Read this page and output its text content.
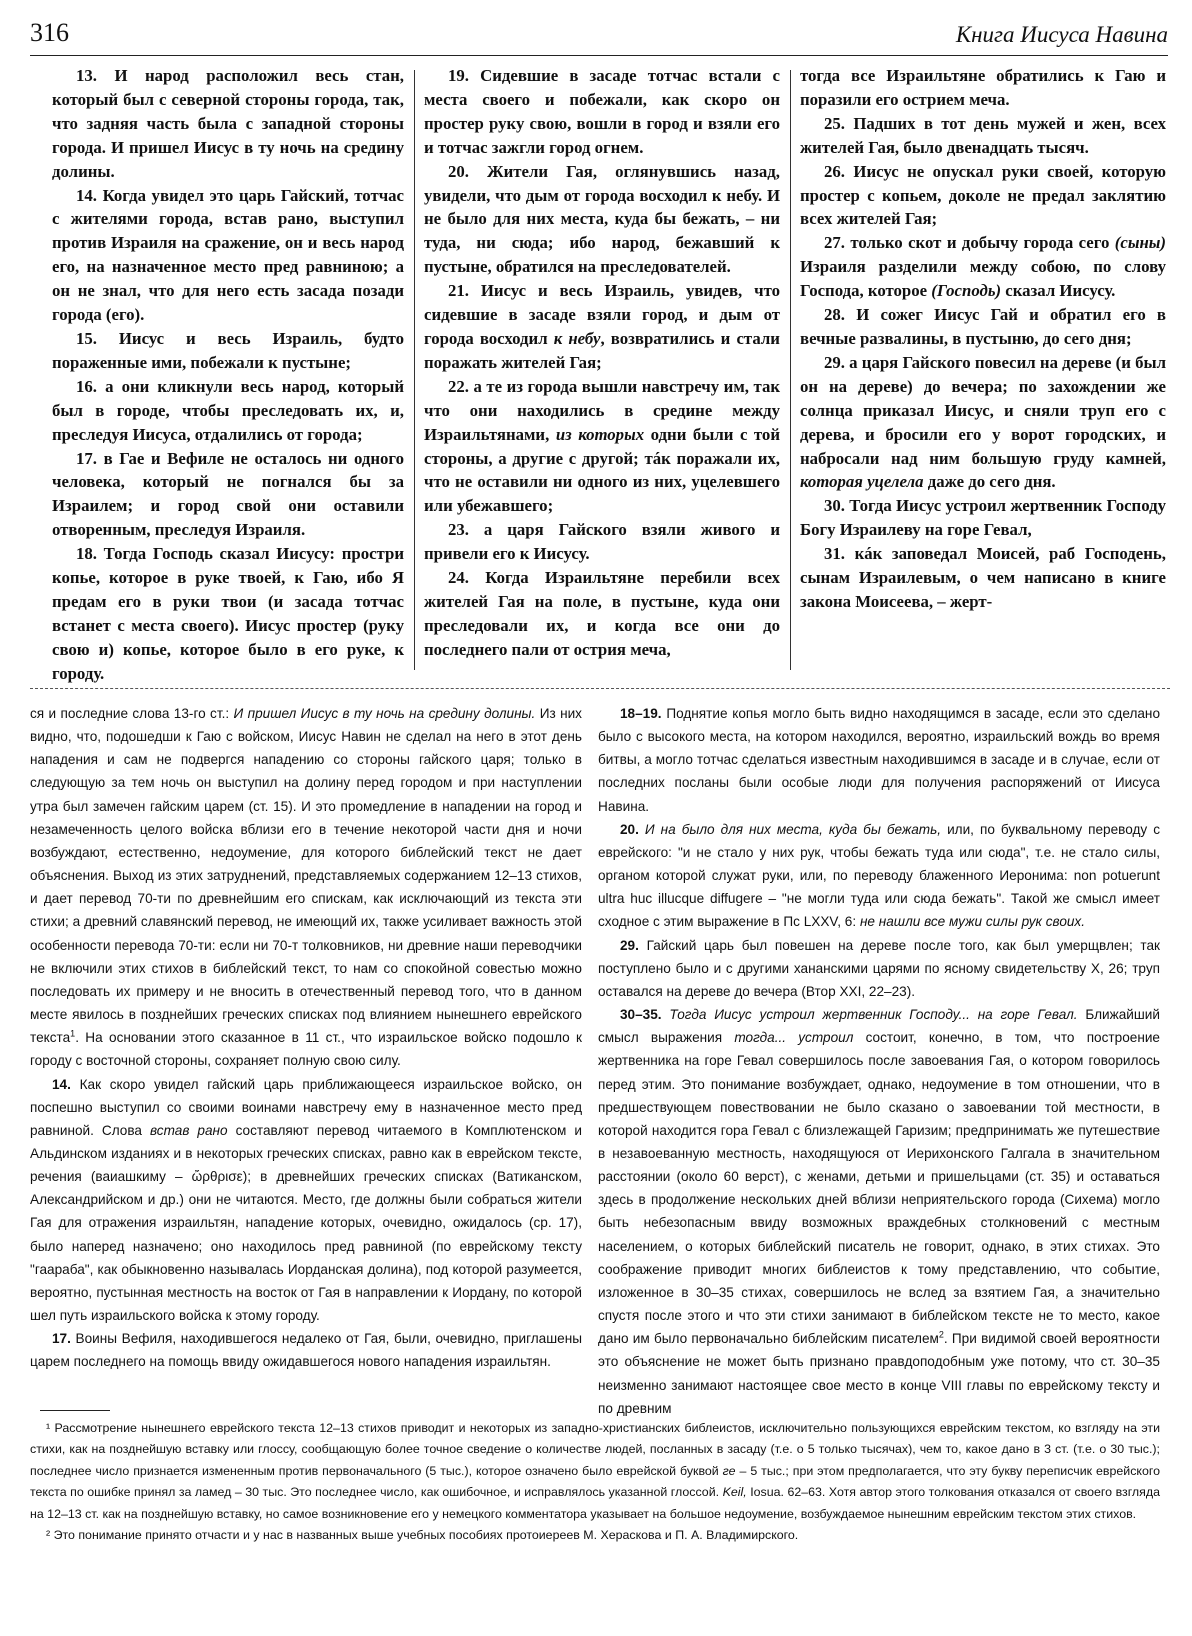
316	Книга Иисуса Навина

13. И народ расположил весь стан, который был с северной стороны города, так, что задняя часть была с западной стороны города. И пришел Иисус в ту ночь на средину долины.

14. Когда увидел это царь Гайский, тотчас с жителями города, встав рано, выступил против Израиля на сражение, он и весь народ его, на назначенное место пред равниною; а он не знал, что для него есть засада позади города (его).

15. Иисус и весь Израиль, будто пораженные ими, побежали к пустыне;

16. а они кликнули весь народ, который был в городе, чтобы преследовать их, и, преследуя Иисуса, отдалились от города;

17. в Гае и Вефиле не осталось ни одного человека, который не погнался бы за Израилем; и город свой они оставили отворенным, преследуя Израиля.

18. Тогда Господь сказал Иисусу: простри копье, которое в руке твоей, к Гаю, ибо Я предам его в руки твои (и засада тотчас встанет с места своего). Иисус простер (руку свою и) копье, которое было в его руке, к городу.

19. Сидевшие в засаде тотчас встали с места своего и побежали, как скоро он простер руку свою, вошли в город и взяли его и тотчас зажгли город огнем.

20. Жители Гая, оглянувшись назад, увидели, что дым от города восходил к небу. И не было для них места, куда бы бежать, – ни туда, ни сюда; ибо народ, бежавший к пустыне, обратился на преследователей.

21. Иисус и весь Израиль, увидев, что сидевшие в засаде взяли город, и дым от города восходил к небу, возвратились и стали поражать жителей Гая;

22. а те из города вышли навстречу им, так что они находились в средине между Израильтянами, из которых одни были с той стороны, а другие с другой; тáк поражали их, что не оставили ни одного из них, уцелевшего или убежавшего;

23. а царя Гайского взяли живого и привели его к Иисусу.

24. Когда Израильтяне перебили всех жителей Гая на поле, в пустыне, куда они преследовали их, и когда все они до последнего пали от острия меча,

тогда все Израильтяне обратились к Гаю и поразили его острием меча.

25. Падших в тот день мужей и жен, всех жителей Гая, было двенадцать тысяч.

26. Иисус не опускал руки своей, которую простер с копьем, доколе не предал заклятию всех жителей Гая;

27. только скот и добычу города сего (сыны) Израиля разделили между собою, по слову Господа, которое (Господь) сказал Иисусу.

28. И сожег Иисус Гай и обратил его в вечные развалины, в пустыню, до сего дня;

29. а царя Гайского повесил на дереве (и был он на дереве) до вечера; по захождении же солнца приказал Иисус, и сняли труп его с дерева, и бросили его у ворот городских, и набросали над ним большую груду камней, которая уцелела даже до сего дня.

30. Тогда Иисус устроил жертвенник Господу Богу Израилеву на горе Гевал,

31. кáк заповедал Моисей, раб Господень, сынам Израилевым, о чем написано в книге закона Моисеева, – жерт-

ся и последние слова 13-го ст.: И пришел Иисус в ту ночь на средину долины. Из них видно, что, подошедши к Гаю с войском, Иисус Навин не сделал на него в этот день нападения и сам не подвергся нападению со стороны гайского царя; только в следующую за тем ночь он выступил на долину перед городом и при наступлении утра был замечен гайским царем (ст. 15). И это промедление в нападении на город и незамеченность целого войска вблизи его в течение некоторой части дня и ночи возбуждают, естественно, недоумение, для которого библейский текст не дает объяснения. Выход из этих затруднений, представляемых содержанием 12–13 стихов, и дает перевод 70-ти по древнейшим его спискам, как исключающий из текста эти стихи; а древний славянский перевод, не имеющий их, также усиливает важность этой особенности перевода 70-ти: если ни 70-т толковников, ни древние наши переводчики не включили этих стихов в библейский текст, то нам со спокойной совестью можно последовать их примеру и не вносить в отечественный перевод того, что в данном месте явилось в позднейших греческих списках под влиянием нынешнего еврейского текста$^1$. На основании этого сказанное в 11 ст., что израильское войско подошло к городу с восточной стороны, сохраняет полную свою силу.

14. Как скоро увидел гайский царь приближающееся израильское войско, он поспешно выступил со своими воинами навстречу ему в назначенное место пред равниной. Слова встав рано составляют перевод читаемого в Комплютенском и Альдинском изданиях и в некоторых греческих списках, равно как в еврейском тексте, речения (ваиашкиму – ὤρθρισε); в древнейших греческих списках (Ватиканском, Александрийском и др.) они не читаются. Место, где должны были собраться жители Гая для отражения израильтян, нападение которых, очевидно, ожидалось (ср. 17), было наперед назначено; оно находилось пред равниной (по еврейскому тексту "гаараба", как обыкновенно называлась Иорданская долина), под которой разумеется, вероятно, пустынная местность на восток от Гая в направлении к Иордану, по которой шел путь израильского войска к этому городу.

17. Воины Вефиля, находившегося недалеко от Гая, были, очевидно, приглашены царем последнего на помощь ввиду ожидавшегося нового нападения израильтян.

18–19. Поднятие копья могло быть видно находящимся в засаде, если это сделано было с высокого места, на котором находился, вероятно, израильский вождь во время битвы, а могло тотчас сделаться известным находившимся в засаде и в случае, если от последних посланы были особые люди для получения распоряжений от Иисуса Навина.

20. И на было для них места, куда бы бежать, или, по буквальному переводу с еврейского: "и не стало у них рук, чтобы бежать туда или сюда", т.е. не стало силы, органом которой служат руки, или, по переводу блаженного Иеронима: non potuerunt ultra huc illucque diffugere – "не могли туда или сюда бежать". Такой же смысл имеет сходное с этим выражение в Пс LXXV, 6: не нашли все мужи силы рук своих.

29. Гайский царь был повешен на дереве после того, как был умерщвлен; так поступлено было и с другими хананскими царями по ясному свидетельству Х, 26; труп оставался на дереве до вечера (Втор XXI, 22–23).

30–35. Тогда Иисус устроил жертвенник Господу... на горе Гевал. Ближайший смысл выражения тогда... устроил состоит, конечно, в том, что построение жертвенника на горе Гевал совершилось после завоевания Гая, о котором говорилось перед этим. Это понимание возбуждает, однако, недоумение в том отношении, что в предшествующем повествовании не было сказано о завоевании той местности, в которой находится гора Гевал с близлежащей Гаризим; предпринимать же путешествие в незавоеванную местность, находящуюся от Иерихонского Галгала в значительном расстоянии (около 60 верст), с женами, детьми и пришельцами (ст. 35) и оставаться здесь в продолжение нескольких дней вблизи неприятельского города (Сихема) могло быть небезопасным ввиду возможных враждебных столкновений с местным населением, о которых библейский писатель не говорит, однако, в этих стихах. Это соображение приводит многих библеистов к тому представлению, что событие, изложенное в 30–35 стихах, совершилось не вслед за взятием Гая, а значительно спустя после этого и что эти стихи занимают в библейском тексте не то место, какое дано им было первоначально библейским писателем$^2$. При видимой своей вероятности это объяснение не может быть признано правдоподобным уже потому, что ст. 30–35 неизменно занимают настоящее свое место в конце VIII главы по еврейскому тексту и по древним

¹ Рассмотрение нынешнего еврейского текста 12–13 стихов приводит и некоторых из западно-христианских библеистов, исключительно пользующихся еврейским текстом, ко взгляду на эти стихи, как на позднейшую вставку или глоссу, сообщающую более точное сведение о количестве людей, посланных в засаду (т.е. о 5 только тысячах), чем то, какое дано в 3 ст. (т.е. о 30 тыс.); последнее число признается измененным против первоначального (5 тыс.), которое означено было еврейской буквой ге – 5 тыс.; при этом предполагается, что эту букву переписчик еврейского текста по ошибке принял за ламед – 30 тыс. Это последнее число, как ошибочное, и исправлялось указанной глоссой. Keil, Iosua. 62–63. Хотя автор этого толкования отказался от своего взгляда на 12–13 ст. как на позднейшую вставку, но самое возникновение его у немецкого комментатора указывает на большое недоумение, возбуждаемое нынешним еврейским текстом этих стихов.

² Это понимание принято отчасти и у нас в названных выше учебных пособиях протоиереев М. Хераскова и П. А. Владимирского.
